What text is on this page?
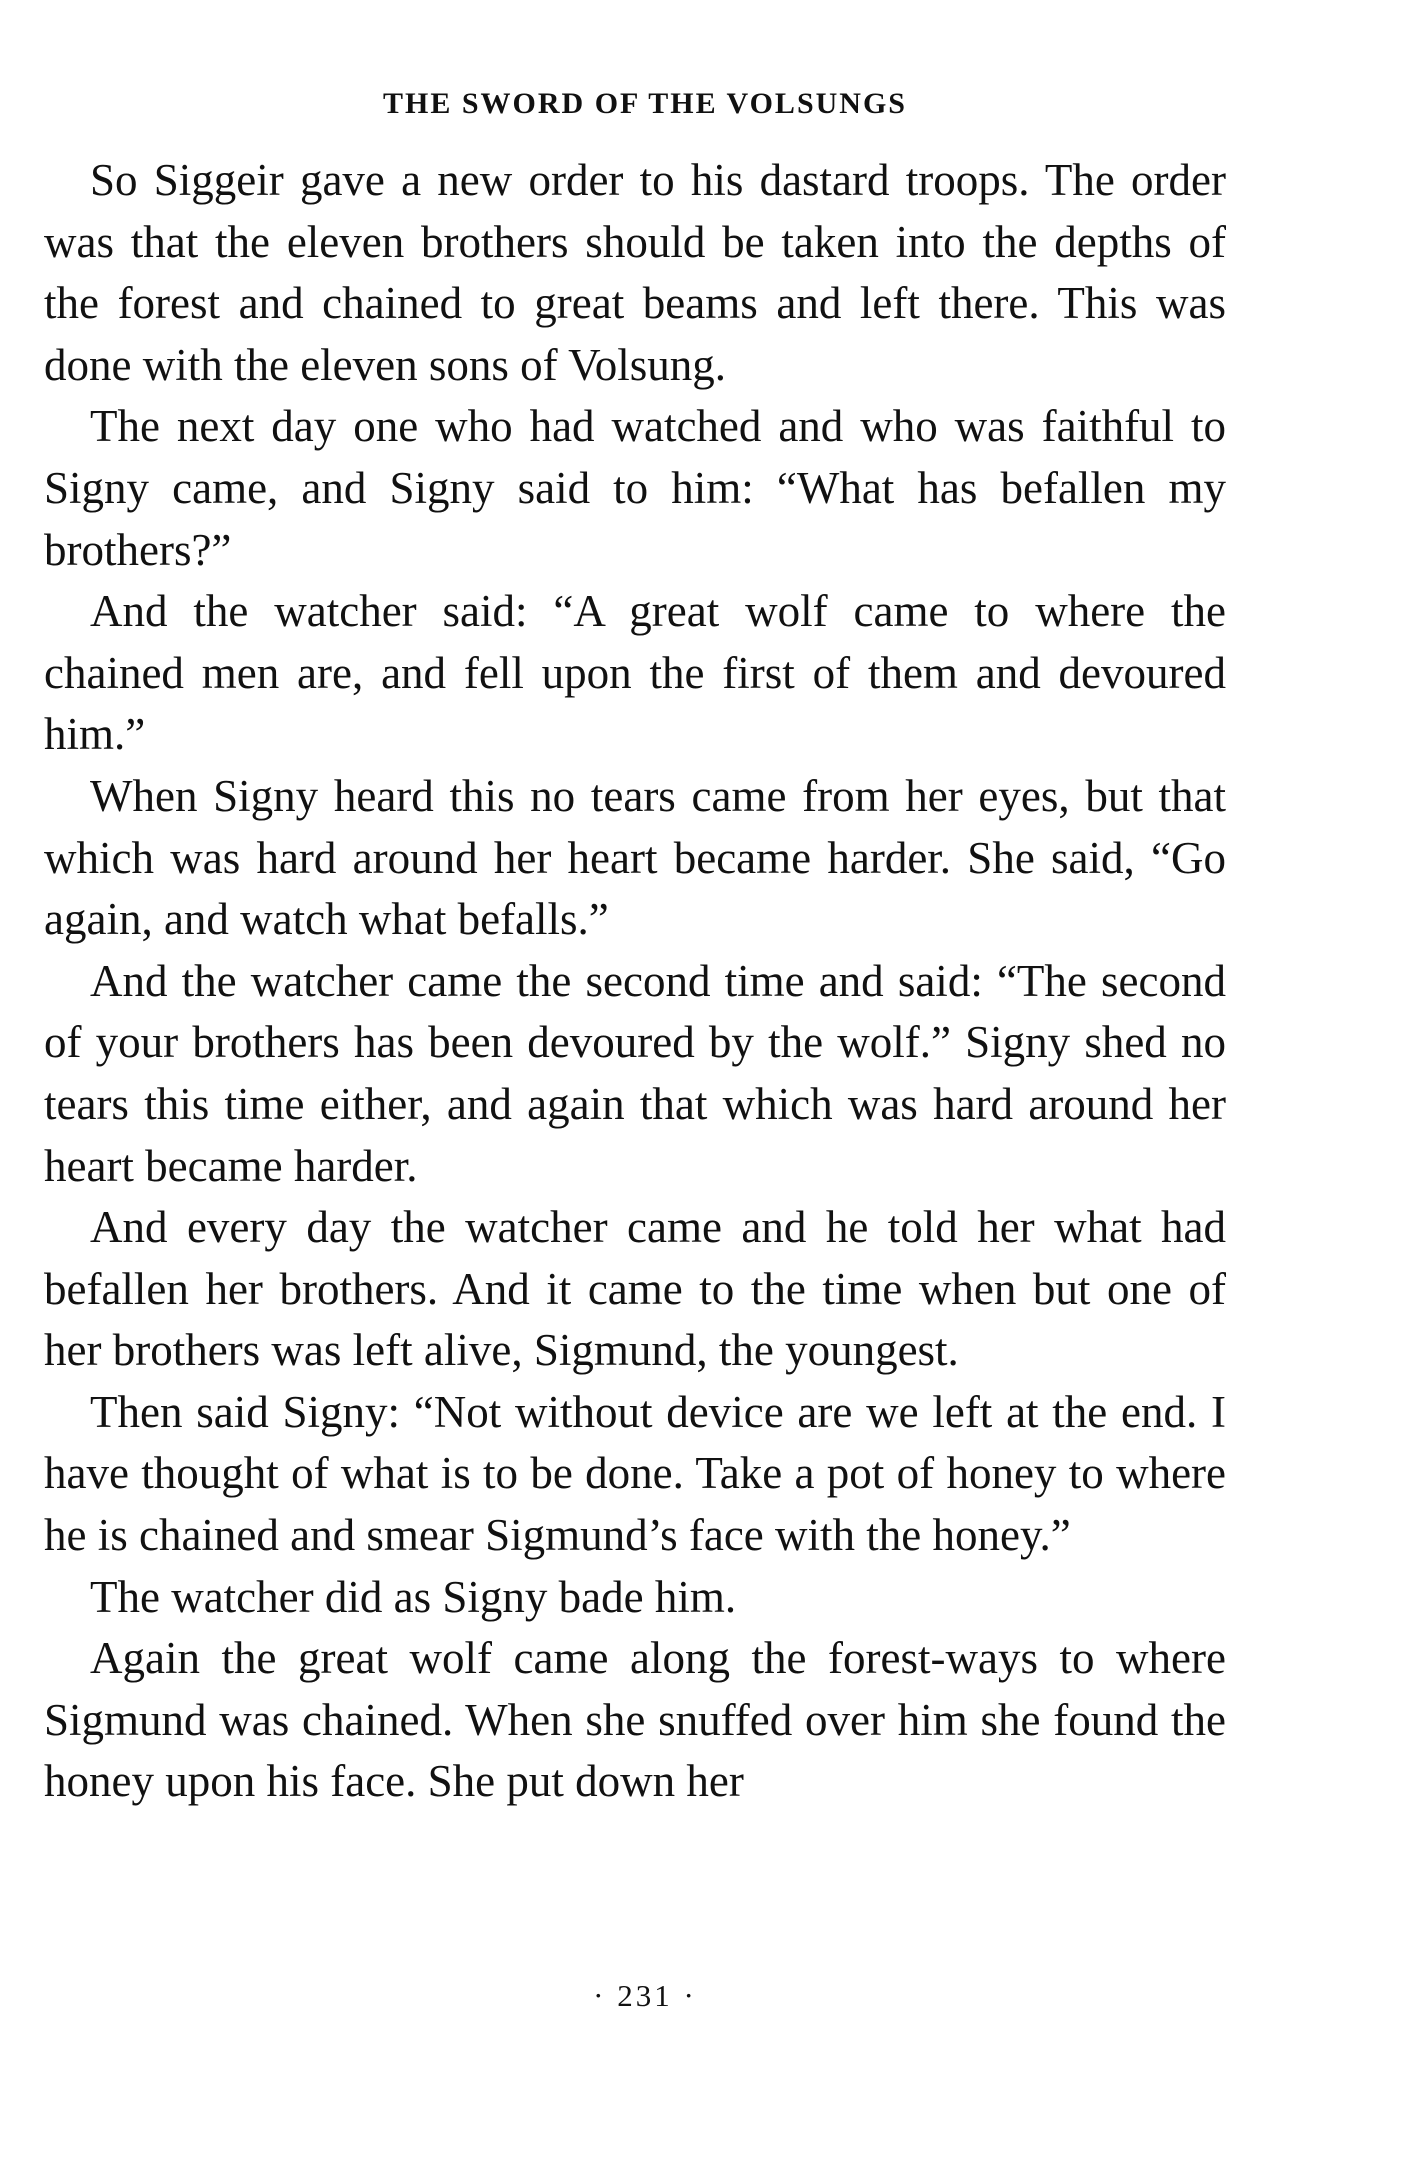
THE SWORD OF THE VOLSUNGS

So Siggeir gave a new order to his dastard troops. The order was that the eleven brothers should be taken into the depths of the forest and chained to great beams and left there. This was done with the eleven sons of Volsung.

The next day one who had watched and who was faithful to Signy came, and Signy said to him: “What has befallen my brothers?”

And the watcher said: “A great wolf came to where the chained men are, and fell upon the first of them and devoured him.”

When Signy heard this no tears came from her eyes, but that which was hard around her heart became harder. She said, “Go again, and watch what befalls.”

And the watcher came the second time and said: “The second of your brothers has been devoured by the wolf.” Signy shed no tears this time either, and again that which was hard around her heart became harder.

And every day the watcher came and he told her what had befallen her brothers. And it came to the time when but one of her brothers was left alive, Sigmund, the youngest.

Then said Signy: “Not without device are we left at the end. I have thought of what is to be done. Take a pot of honey to where he is chained and smear Sigmund’s face with the honey.”

The watcher did as Signy bade him.

Again the great wolf came along the forest-ways to where Sigmund was chained. When she snuffed over him she found the honey upon his face. She put down her

· 231 ·
